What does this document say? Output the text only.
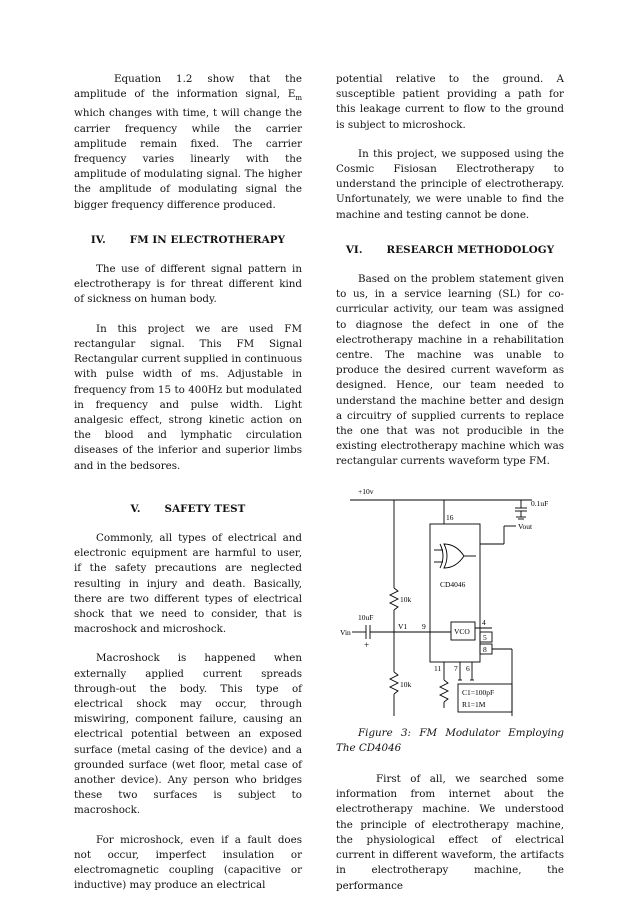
Equation 1.2 show that the amplitude of the information signal, $E_m$ which changes with time, t will change the carrier frequency while the carrier amplitude remain fixed. The carrier frequency varies linearly with the amplitude of modulating signal. The higher the amplitude of modulating signal the bigger frequency difference produced.

IV. FM IN ELECTROTHERAPY

The use of different signal pattern in electrotherapy is for threat different kind of sickness on human body.

In this project we are used FM rectangular signal. This FM Signal Rectangular current supplied in continuous with pulse width of ms. Adjustable in frequency from 15 to 400Hz but modulated in frequency and pulse width. Light analgesic effect, strong kinetic action on the blood and lymphatic circulation diseases of the inferior and superior limbs and in the bedsores.

V. SAFETY TEST

Commonly, all types of electrical and electronic equipment are harmful to user, if the safety precautions are neglected resulting in injury and death. Basically, there are two different types of electrical shock that we need to consider, that is macroshock and microshock.

Macroshock is happened when externally applied current spreads through-out the body. This type of electrical shock may occur, through miswiring, component failure, causing an electrical potential between an exposed surface (metal casing of the device) and a grounded surface (wet floor, metal case of another device). Any person who bridges these two surfaces is subject to macroshock.

For microshock, even if a fault does not occur, imperfect insulation or electromagnetic coupling (capacitive or inductive) may produce an electrical

potential relative to the ground. A susceptible patient providing a path for this leakage current to flow to the ground is subject to microshock.

In this project, we supposed using the Cosmic Fisiosan Electrotherapy to understand the principle of electrotherapy. Unfortunately, we were unable to find the machine and testing cannot be done.

VI. RESEARCH METHODOLOGY

Based on the problem statement given to us, in a service learning (SL) for co-curricular activity, our team was assigned to diagnose the defect in one of the electrotherapy machine in a rehabilitation centre. The machine was unable to produce the desired current waveform as designed. Hence, our team needed to understand the machine better and design a circuitry of supplied currents to replace the one that was not producible in the existing electrotherapy machine which was rectangular currents waveform type FM.

+10v
0.1uF
16
CD4046
Vout
10k
10uF
Vin
+
V1 9
VCO
4
5
8
11 7 6
10k
C1=100pF
R1=1M

Figure 3: FM Modulator Employing The CD4046

First of all, we searched some information from internet about the electrotherapy machine. We understood the principle of electrotherapy machine, the physiological effect of electrical current in different waveform, the artifacts in electrotherapy machine, the performance
